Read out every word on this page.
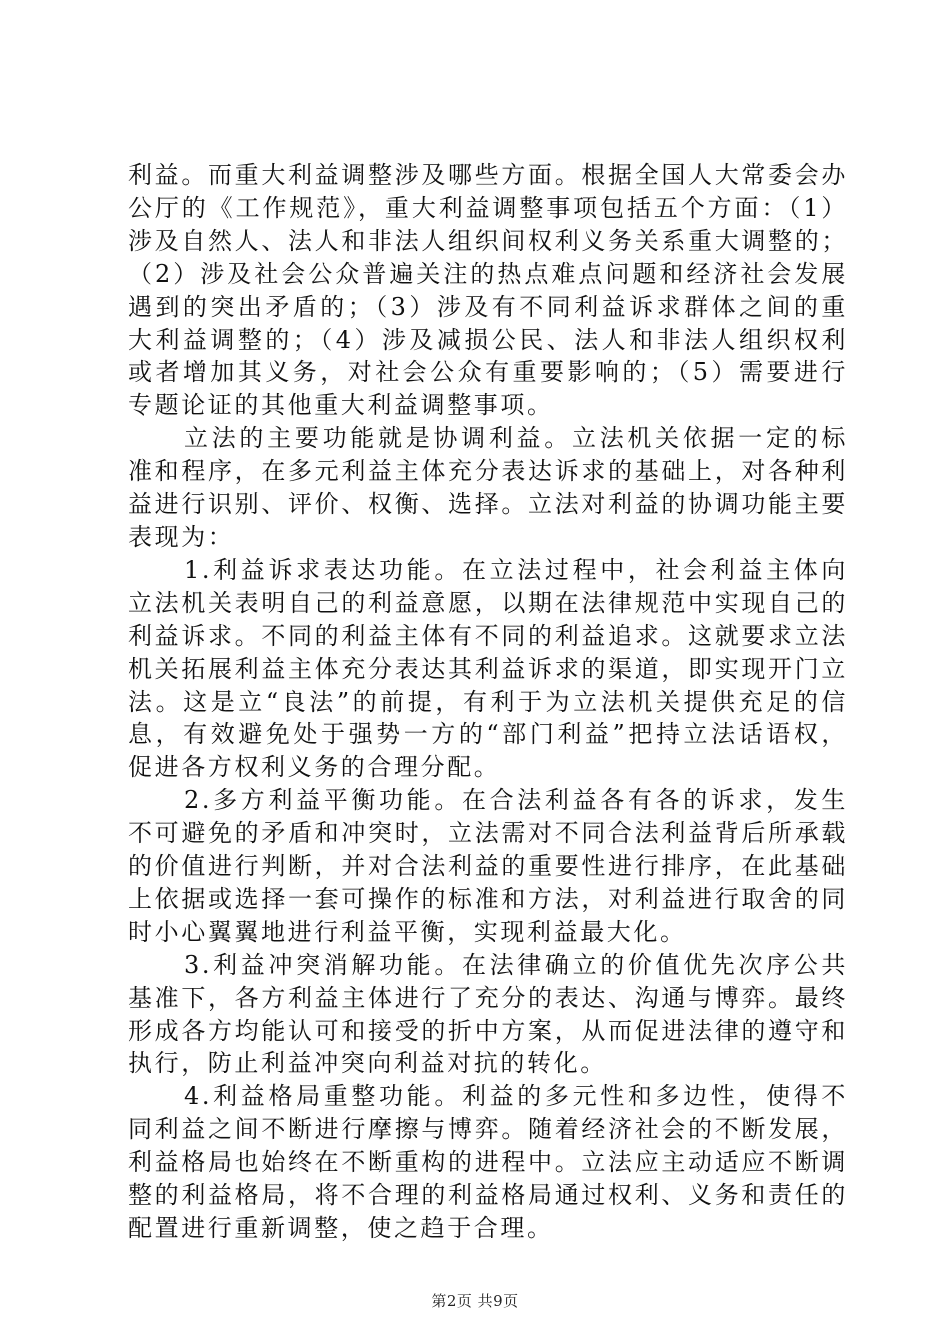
利益。而重大利益调整涉及哪些方面。根据全国人大常委会办公厅的《工作规范》，重大利益调整事项包括五个方面：（1）涉及自然人、法人和非法人组织间权利义务关系重大调整的；（2）涉及社会公众普遍关注的热点难点问题和经济社会发展遇到的突出矛盾的；（3）涉及有不同利益诉求群体之间的重大利益调整的；（4）涉及减损公民、法人和非法人组织权利或者增加其义务，对社会公众有重要影响的；（5）需要进行专题论证的其他重大利益调整事项。

立法的主要功能就是协调利益。立法机关依据一定的标准和程序，在多元利益主体充分表达诉求的基础上，对各种利益进行识别、评价、权衡、选择。立法对利益的协调功能主要表现为：

1.利益诉求表达功能。在立法过程中，社会利益主体向立法机关表明自己的利益意愿，以期在法律规范中实现自己的利益诉求。不同的利益主体有不同的利益追求。这就要求立法机关拓展利益主体充分表达其利益诉求的渠道，即实现开门立法。这是立“良法”的前提，有利于为立法机关提供充足的信息，有效避免处于强势一方的“部门利益”把持立法话语权，促进各方权利义务的合理分配。

2.多方利益平衡功能。在合法利益各有各的诉求，发生不可避免的矛盾和冲突时，立法需对不同合法利益背后所承载的价值进行判断，并对合法利益的重要性进行排序，在此基础上依据或选择一套可操作的标准和方法，对利益进行取舍的同时小心翼翼地进行利益平衡，实现利益最大化。

3.利益冲突消解功能。在法律确立的价值优先次序公共基准下，各方利益主体进行了充分的表达、沟通与博弈。最终形成各方均能认可和接受的折中方案，从而促进法律的遵守和执行，防止利益冲突向利益对抗的转化。

4.利益格局重整功能。利益的多元性和多边性，使得不同利益之间不断进行摩擦与博弈。随着经济社会的不断发展，利益格局也始终在不断重构的进程中。立法应主动适应不断调整的利益格局，将不合理的利益格局通过权利、义务和责任的配置进行重新调整，使之趋于合理。

第2页 共9页
